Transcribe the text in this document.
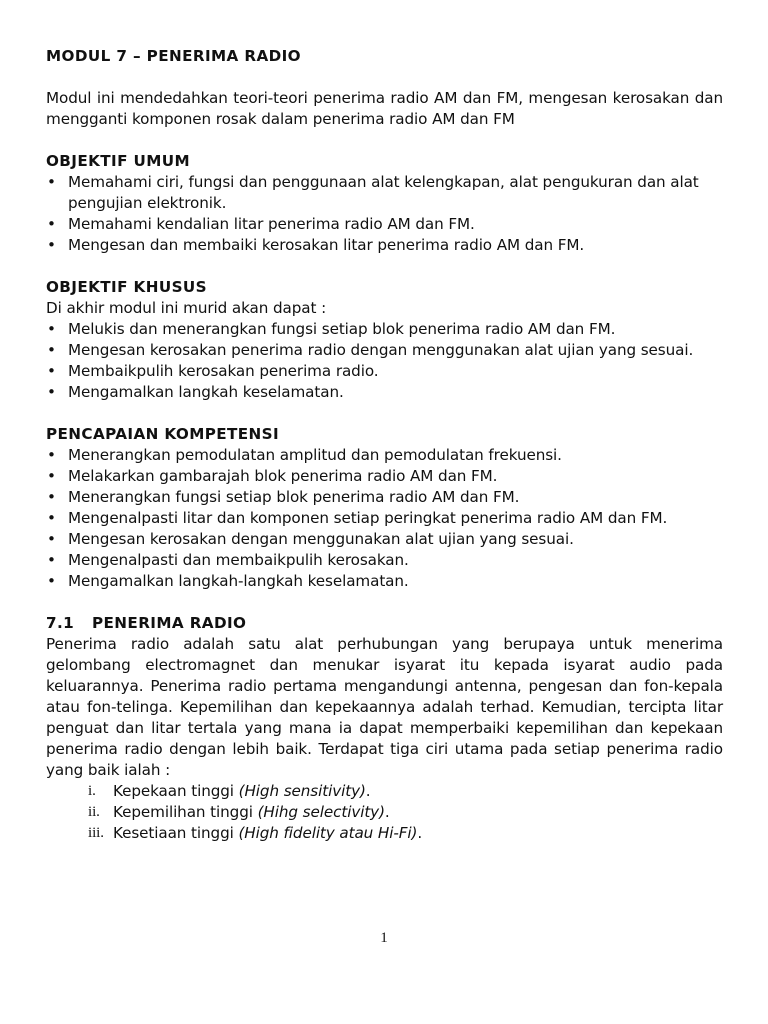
MODUL 7 – PENERIMA RADIO

Modul ini mendedahkan teori-teori penerima radio AM dan FM, mengesan kerosakan dan mengganti komponen rosak dalam penerima radio AM dan FM

OBJEKTIF UMUM
• Memahami ciri, fungsi dan penggunaan alat kelengkapan, alat pengukuran dan alat pengujian elektronik.
• Memahami kendalian litar penerima radio AM dan FM.
• Mengesan dan membaiki kerosakan litar penerima radio AM dan FM.
OBJEKTIF KHUSUS

Di akhir modul ini murid akan dapat :

• Melukis dan menerangkan fungsi setiap blok penerima radio AM dan FM.
• Mengesan kerosakan penerima radio dengan menggunakan alat ujian yang sesuai.
• Membaikpulih kerosakan penerima radio.
• Mengamalkan langkah keselamatan.
PENCAPAIAN KOMPETENSI
• Menerangkan pemodulatan amplitud dan pemodulatan frekuensi.
• Melakarkan gambarajah blok penerima radio AM dan FM.
• Menerangkan fungsi setiap blok penerima radio AM dan FM.
• Mengenalpasti litar dan komponen setiap peringkat penerima radio AM dan FM.
• Mengesan kerosakan dengan menggunakan alat ujian yang sesuai.
• Mengenalpasti dan membaikpulih kerosakan.
• Mengamalkan langkah-langkah keselamatan.
7.1 PENERIMA RADIO

Penerima radio adalah satu alat perhubungan yang berupaya untuk menerima gelombang electromagnet dan menukar isyarat itu kepada isyarat audio pada keluarannya. Penerima radio pertama mengandungi antenna, pengesan dan fon-kepala atau fon-telinga. Kepemilihan dan kepekaannya adalah terhad. Kemudian, tercipta litar penguat dan litar tertala yang mana ia dapat memperbaiki kepemilihan dan kepekaan penerima radio dengan lebih baik. Terdapat tiga ciri utama pada setiap penerima radio yang baik ialah :

i. Kepekaan tinggi (High sensitivity).
ii. Kepemilihan tinggi (Hihg selectivity).
iii. Kesetiaan tinggi (High fidelity atau Hi-Fi).
1
